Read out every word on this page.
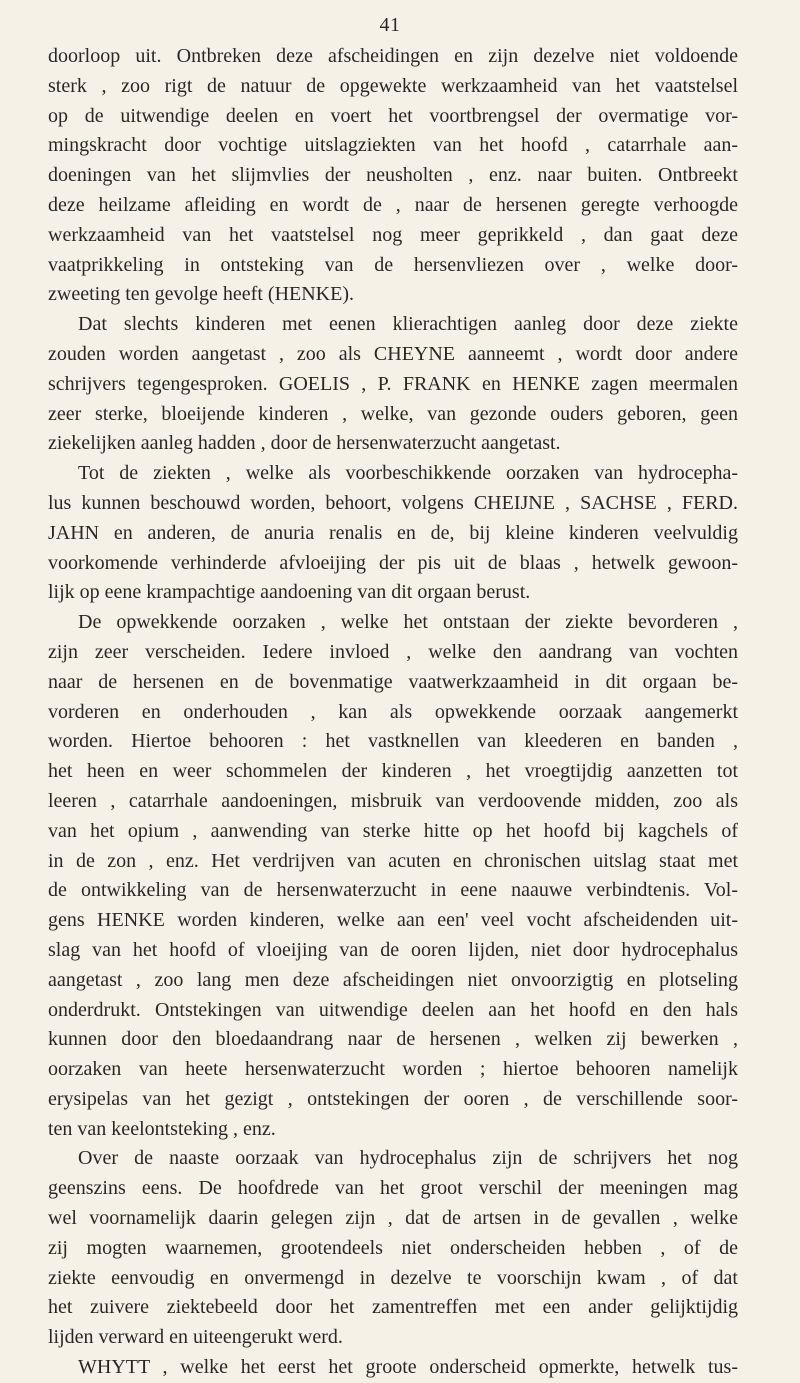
41
doorloop uit. Ontbreken deze afscheidingen en zijn dezelve niet voldoende
sterk , zoo rigt de natuur de opgewekte werkzaamheid van het vaatstelsel
op de uitwendige deelen en voert het voortbrengsel der overmatige vor-
mingskracht door vochtige uitslagziekten van het hoofd , catarrhale aan-
doeningen van het slijmvlies der neusholten , enz. naar buiten. Ontbreekt
deze heilzame afleiding en wordt de , naar de hersenen geregte verhoogde
werkzaamheid van het vaatstelsel nog meer geprikkeld , dan gaat deze
vaatprikkeling in ontsteking van de hersenvliezen over , welke door-
zweeting ten gevolge heeft (HENKE).
Dat slechts kinderen met eenen klierachtigen aanleg door deze ziekte
zouden worden aangetast , zoo als CHEYNE aanneemt , wordt door andere
schrijvers tegengesproken. GOELIS , P. FRANK en HENKE zagen meermalen
zeer sterke, bloeijende kinderen , welke, van gezonde ouders geboren, geen
ziekelijken aanleg hadden , door de hersenwaterzucht aangetast.
Tot de ziekten , welke als voorbeschikkende oorzaken van hydrocepha-
lus kunnen beschouwd worden, behoort, volgens CHEIJNE , SACHSE , FERD.
JAHN en anderen, de anuria renalis en de, bij kleine kinderen veelvuldig
voorkomende verhinderde afvloeijing der pis uit de blaas , hetwelk gewoon-
lijk op eene krampachtige aandoening van dit orgaan berust.
De opwekkende oorzaken , welke het ontstaan der ziekte bevorderen ,
zijn zeer verscheiden. Iedere invloed , welke den aandrang van vochten
naar de hersenen en de bovenmatige vaatwerkzaamheid in dit orgaan be-
vorderen en onderhouden , kan als opwekkende oorzaak aangemerkt
worden. Hiertoe behooren : het vastknellen van kleederen en banden ,
het heen en weer schommelen der kinderen , het vroegtijdig aanzetten tot
leeren , catarrhale aandoeningen, misbruik van verdoovende midden, zoo als
van het opium , aanwending van sterke hitte op het hoofd bij kagchels of
in de zon , enz. Het verdrijven van acuten en chronischen uitslag staat met
de ontwikkeling van de hersenwaterzucht in eene naauwe verbindtenis. Vol-
gens HENKE worden kinderen, welke aan een' veel vocht afscheidenden uit-
slag van het hoofd of vloeijing van de ooren lijden, niet door hydrocephalus
aangetast , zoo lang men deze afscheidingen niet onvoorzigtig en plotseling
onderdrukt. Ontstekingen van uitwendige deelen aan het hoofd en den hals
kunnen door den bloedaandrang naar de hersenen , welken zij bewerken ,
oorzaken van heete hersenwaterzucht worden ; hiertoe behooren namelijk
erysipelas van het gezigt , ontstekingen der ooren , de verschillende soor-
ten van keelontsteking , enz.
Over de naaste oorzaak van hydrocephalus zijn de schrijvers het nog
geenszins eens. De hoofdrede van het groot verschil der meeningen mag
wel voornamelijk daarin gelegen zijn , dat de artsen in de gevallen , welke
zij mogten waarnemen, grootendeels niet onderscheiden hebben , of de
ziekte eenvoudig en onvermengd in dezelve te voorschijn kwam , of dat
het zuivere ziektebeeld door het zamentreffen met een ander gelijktijdig
lijden verward en uiteengerukt werd.
WHYTT , welke het eerst het groote onderscheid opmerkte, hetwelk tus-
